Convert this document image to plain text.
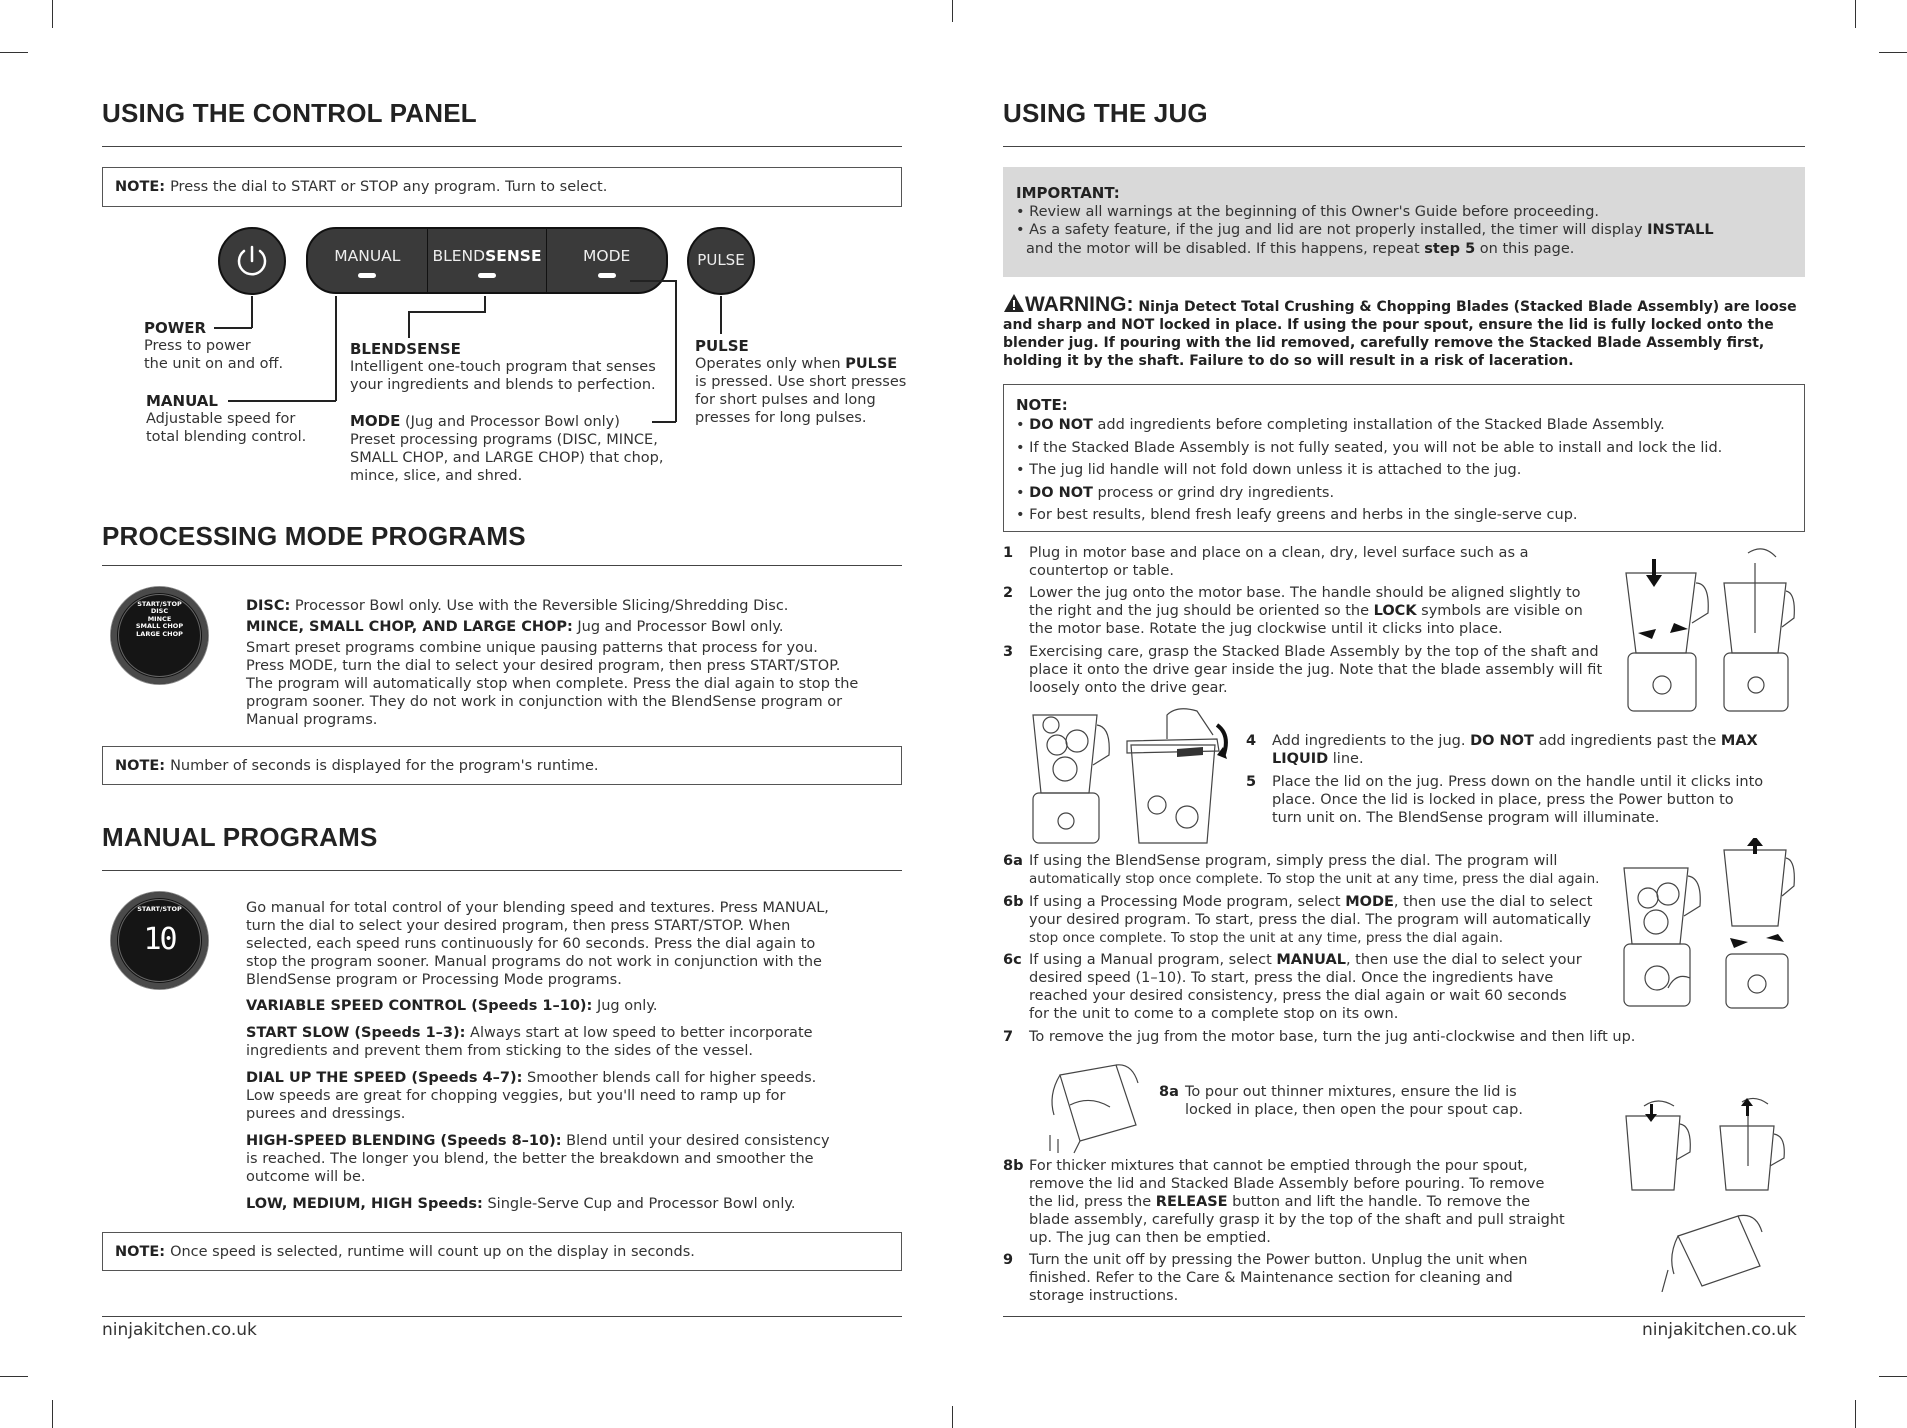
USING THE CONTROL PANEL
NOTE: Press the dial to START or STOP any program. Turn to select.
MANUAL	BLENDSENSE	MODE	PULSE
POWER
Press to power
the unit on and off.
MANUAL
Adjustable speed for
total blending control.
BLENDSENSE
Intelligent one-touch program that senses
your ingredients and blends to perfection.
MODE (Jug and Processor Bowl only)
Preset processing programs (DISC, MINCE,
SMALL CHOP, and LARGE CHOP) that chop,
mince, slice, and shred.
PULSE
Operates only when PULSE
is pressed. Use short presses
for short pulses and long
presses for long pulses.
PROCESSING MODE PROGRAMS
START/STOP
DISC
MINCE
SMALL CHOP
LARGE CHOP
DISC: Processor Bowl only. Use with the Reversible Slicing/Shredding Disc.
MINCE, SMALL CHOP, AND LARGE CHOP: Jug and Processor Bowl only.
Smart preset programs combine unique pausing patterns that process for you.
Press MODE, turn the dial to select your desired program, then press START/STOP.
The program will automatically stop when complete. Press the dial again to stop the
program sooner. They do not work in conjunction with the BlendSense program or
Manual programs.
NOTE: Number of seconds is displayed for the program's runtime.
MANUAL PROGRAMS
START/STOP
10
Go manual for total control of your blending speed and textures. Press MANUAL,
turn the dial to select your desired program, then press START/STOP. When
selected, each speed runs continuously for 60 seconds. Press the dial again to
stop the program sooner. Manual programs do not work in conjunction with the
BlendSense program or Processing Mode programs.
VARIABLE SPEED CONTROL (Speeds 1–10): Jug only.
START SLOW (Speeds 1–3): Always start at low speed to better incorporate
ingredients and prevent them from sticking to the sides of the vessel.
DIAL UP THE SPEED (Speeds 4–7): Smoother blends call for higher speeds.
Low speeds are great for chopping veggies, but you'll need to ramp up for
purees and dressings.
HIGH-SPEED BLENDING (Speeds 8–10): Blend until your desired consistency
is reached. The longer you blend, the better the breakdown and smoother the
outcome will be.
LOW, MEDIUM, HIGH Speeds: Single-Serve Cup and Processor Bowl only.
NOTE: Once speed is selected, runtime will count up on the display in seconds.
ninjakitchen.co.uk
USING THE JUG
IMPORTANT:
• Review all warnings at the beginning of this Owner's Guide before proceeding.
• As a safety feature, if the jug and lid are not properly installed, the timer will display INSTALL
and the motor will be disabled. If this happens, repeat step 5 on this page.
WARNING: Ninja Detect Total Crushing & Chopping Blades (Stacked Blade Assembly) are loose
and sharp and NOT locked in place. If using the pour spout, ensure the lid is fully locked onto the
blender jug. If pouring with the lid removed, carefully remove the Stacked Blade Assembly first,
holding it by the shaft. Failure to do so will result in a risk of laceration.
NOTE:
• DO NOT add ingredients before completing installation of the Stacked Blade Assembly.
• If the Stacked Blade Assembly is not fully seated, you will not be able to install and lock the lid.
• The jug lid handle will not fold down unless it is attached to the jug.
• DO NOT process or grind dry ingredients.
• For best results, blend fresh leafy greens and herbs in the single-serve cup.
1 Plug in motor base and place on a clean, dry, level surface such as a
countertop or table.
2 Lower the jug onto the motor base. The handle should be aligned slightly to
the right and the jug should be oriented so the LOCK symbols are visible on
the motor base. Rotate the jug clockwise until it clicks into place.
3 Exercising care, grasp the Stacked Blade Assembly by the top of the shaft and
place it onto the drive gear inside the jug. Note that the blade assembly will fit
loosely onto the drive gear.
4 Add ingredients to the jug. DO NOT add ingredients past the MAX
LIQUID line.
5 Place the lid on the jug. Press down on the handle until it clicks into
place. Once the lid is locked in place, press the Power button to
turn unit on. The BlendSense program will illuminate.
6a If using the BlendSense program, simply press the dial. The program will
automatically stop once complete. To stop the unit at any time, press the dial again.
6b If using a Processing Mode program, select MODE, then use the dial to select
your desired program. To start, press the dial. The program will automatically
stop once complete. To stop the unit at any time, press the dial again.
6c If using a Manual program, select MANUAL, then use the dial to select your
desired speed (1–10). To start, press the dial. Once the ingredients have
reached your desired consistency, press the dial again or wait 60 seconds
for the unit to come to a complete stop on its own.
7 To remove the jug from the motor base, turn the jug anti-clockwise and then lift up.
8a To pour out thinner mixtures, ensure the lid is
locked in place, then open the pour spout cap.
8b For thicker mixtures that cannot be emptied through the pour spout,
remove the lid and Stacked Blade Assembly before pouring. To remove
the lid, press the RELEASE button and lift the handle. To remove the
blade assembly, carefully grasp it by the top of the shaft and pull straight
up. The jug can then be emptied.
9 Turn the unit off by pressing the Power button. Unplug the unit when
finished. Refer to the Care & Maintenance section for cleaning and
storage instructions.
ninjakitchen.co.uk
